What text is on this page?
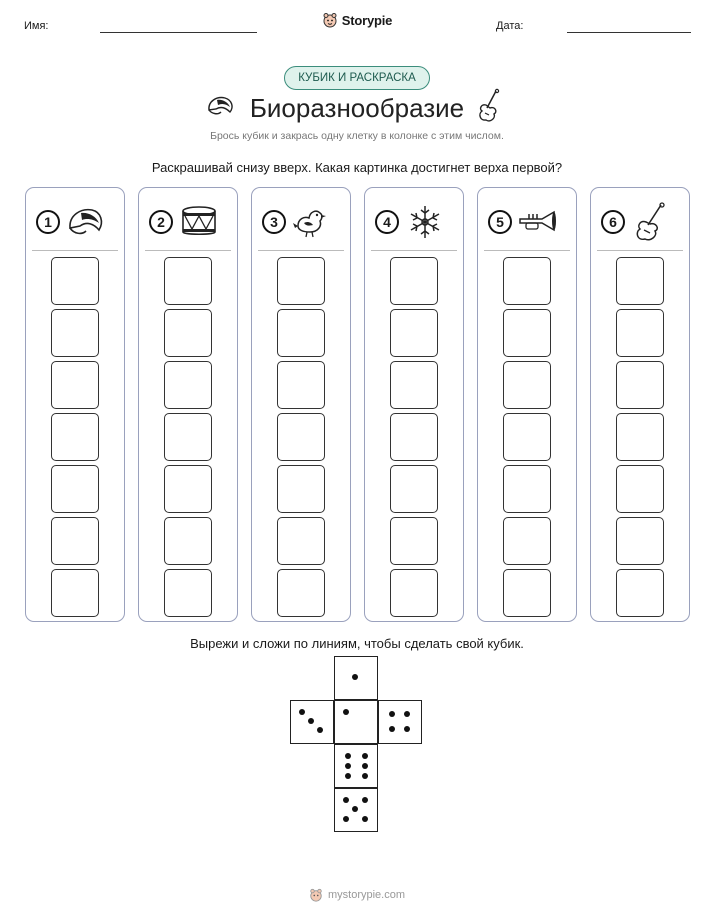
Имя:	Storypie	Дата:
КУБИК И РАСКРАСКА
Биоразнообразие
Брось кубик и закрась одну клетку в колонке с этим числом.
Раскрашивай снизу вверх. Какая картинка достигнет верха первой?
1	2	3	4	5	6
Вырежи и сложи по линиям, чтобы сделать свой кубик.
mystorypie.com
